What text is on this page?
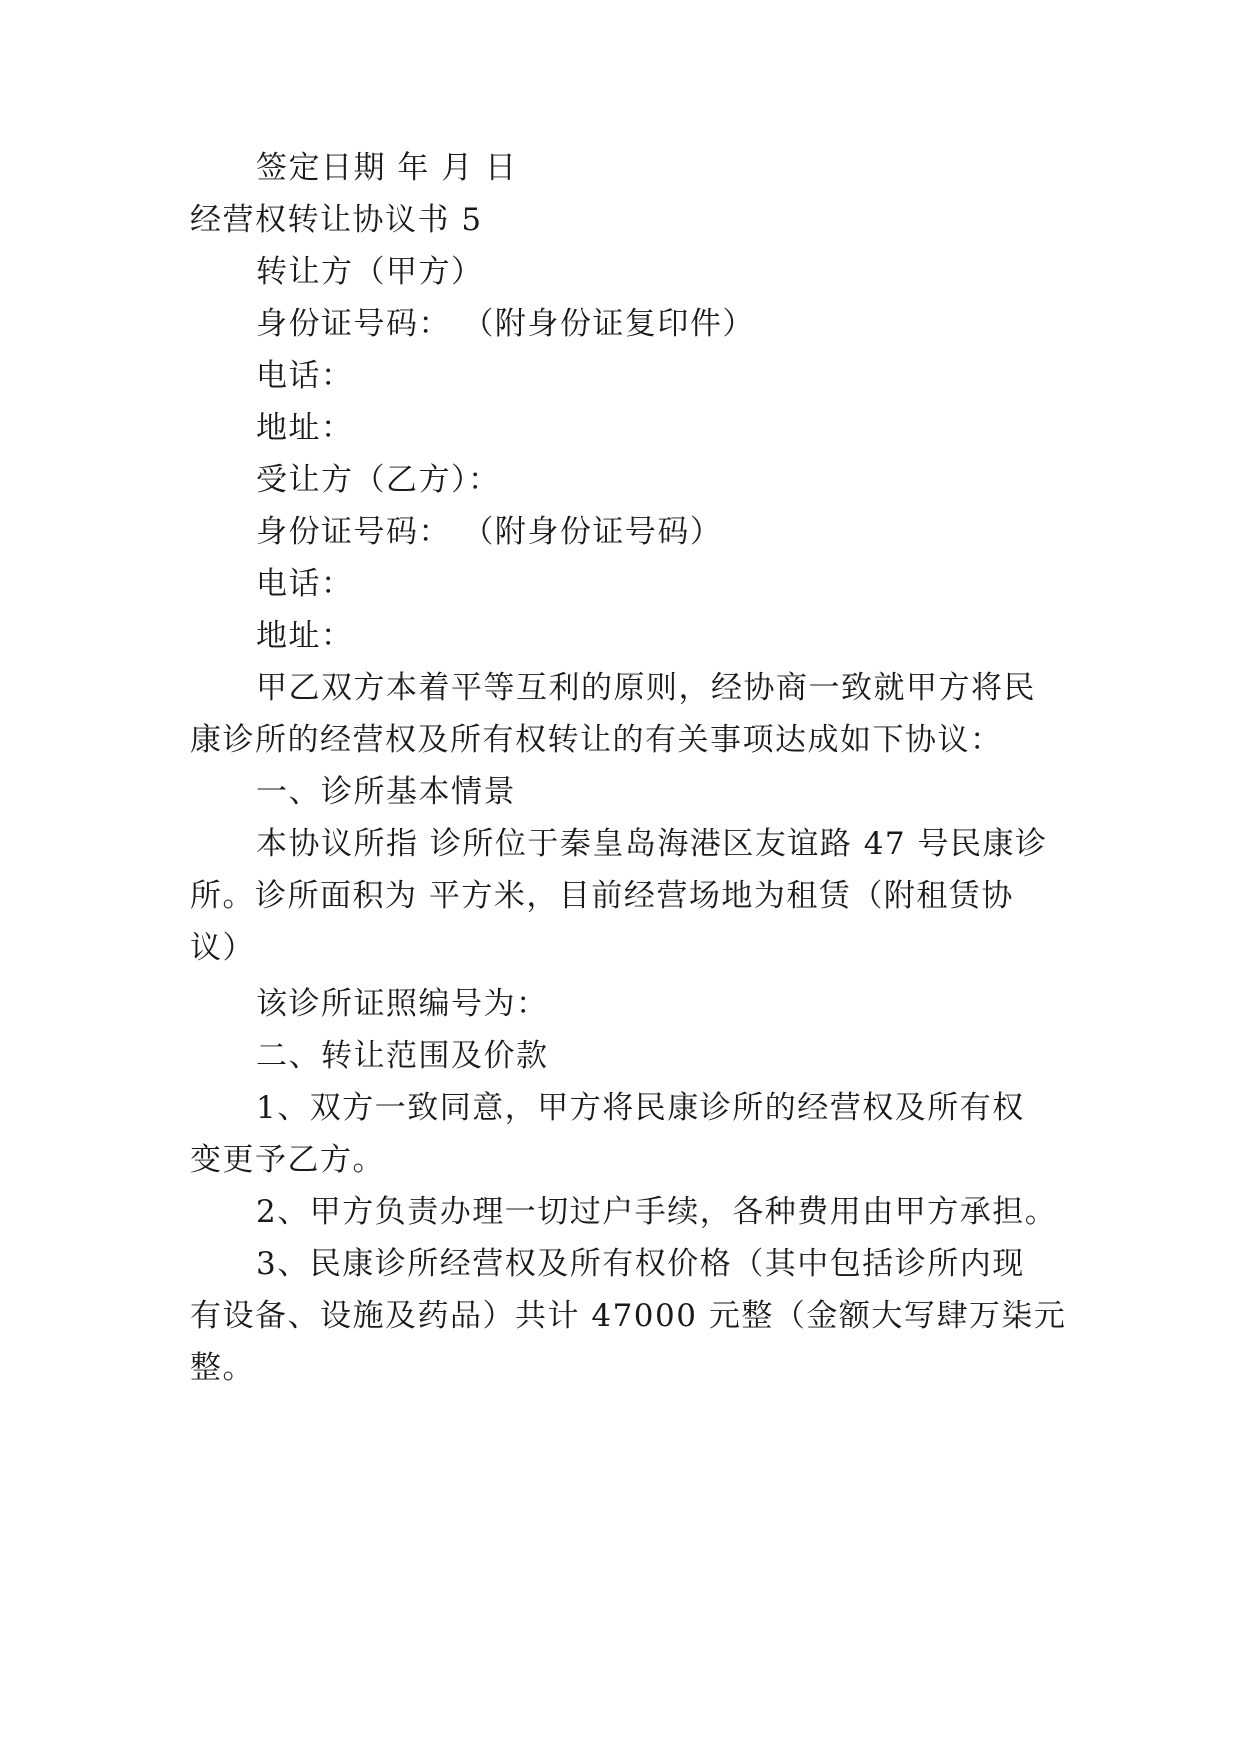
签定日期 年 月 日
经营权转让协议书 5
转让方（甲方）
身份证号码： （附身份证复印件）
电话：
地址：
受让方（乙方）：
身份证号码： （附身份证号码）
电话：
地址：
甲乙双方本着平等互利的原则，经协商一致就甲方将民
康诊所的经营权及所有权转让的有关事项达成如下协议：
一、诊所基本情景
本协议所指 诊所位于秦皇岛海港区友谊路 47 号民康诊
所。诊所面积为 平方米，目前经营场地为租赁（附租赁协
议）
该诊所证照编号为：
二、转让范围及价款
1、双方一致同意，甲方将民康诊所的经营权及所有权
变更予乙方。
2、甲方负责办理一切过户手续，各种费用由甲方承担。
3、民康诊所经营权及所有权价格（其中包括诊所内现
有设备、设施及药品）共计 47000 元整（金额大写肆万柒元
整。
